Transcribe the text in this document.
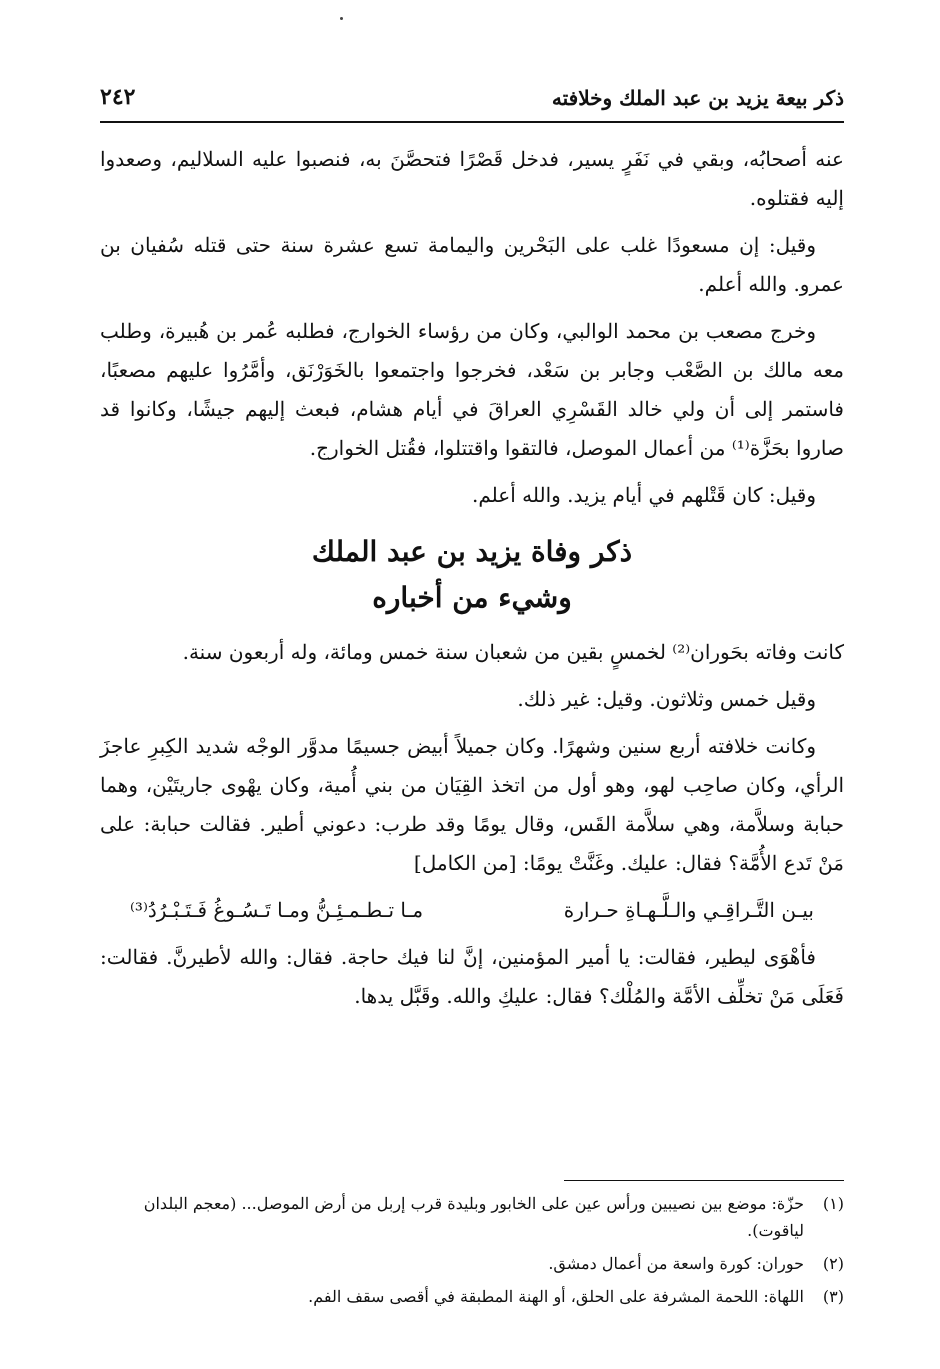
ذكر بيعة يزيد بن عبد الملك وخلافته
٢٤٢

عنه أصحابُه، وبقي في نَفَرٍ يسير، فدخل قَصْرًا فتحصَّنَ به، فنصبوا عليه السلاليم، وصعدوا إليه فقتلوه.

وقيل: إن مسعودًا غلب على البَحْرين واليمامة تسع عشرة سنة حتى قتله سُفيان بن عمرو. والله أعلم.

وخرج مصعب بن محمد الوالبي، وكان من رؤساء الخوارج، فطلبه عُمر بن هُبيرة، وطلب معه مالك بن الصَّعْب وجابر بن سَعْد، فخرجوا واجتمعوا بالخَوَرْنَق، وأمَّرُوا عليهم مصعبًا، فاستمر إلى أن ولي خالد القَسْرِي العراقَ في أيام هشام، فبعث إليهم جيشًا، وكانوا قد صاروا بحَزَّة⁽¹⁾ من أعمال الموصل، فالتقوا واقتتلوا، فقُتل الخوارج.

وقيل: كان قَتْلهم في أيام يزيد. والله أعلم.

ذكر وفاة يزيد بن عبد الملك
وشيء من أخباره

كانت وفاته بحَوران⁽²⁾ لخمسٍ بقين من شعبان سنة خمس ومائة، وله أربعون سنة.

وقيل خمس وثلاثون. وقيل: غير ذلك.

وكانت خلافته أربع سنين وشهرًا. وكان جميلاً أبيض جسيمًا مدوَّر الوجْه شديد الكِبرِ عاجزَ الرأي، وكان صاحِب لهو، وهو أول من اتخذ القِيَان من بني أُمية، وكان يهْوى جاريتَيْن، وهما حبابة وسلاَّمة، وهي سلاَّمة القَس، وقال يومًا وقد طرب: دعوني أطير. فقالت حبابة: على مَنْ تَدع الأُمَّة؟ فقال: عليك. وغَنَّتْ يومًا: [من الكامل]

بيـن التَّـراقِـي والـلَّـهـاةِ حـرارة
مـا تـطـمـئِـنُّ ومـا تَـسُـوغُ فَـتَـبْـرُدُ⁽³⁾

فأهْوَى ليطير، فقالت: يا أمير المؤمنين، إنَّ لنا فيك حاجة. فقال: والله لأطيرنَّ. فقالت: فَعَلَى مَنْ تخلِّف الأمَّة والمُلْك؟ فقال: عليكِ والله. وقَبَّل يدها.

(١)
حزّة: موضع بين نصيبين ورأس عين على الخابور وبليدة قرب إربل من أرض الموصل... (معجم البلدان لياقوت).
(٢)
حوران: كورة واسعة من أعمال دمشق.
(٣)
اللهاة: اللحمة المشرفة على الحلق، أو الهنة المطبقة في أقصى سقف الفم.
